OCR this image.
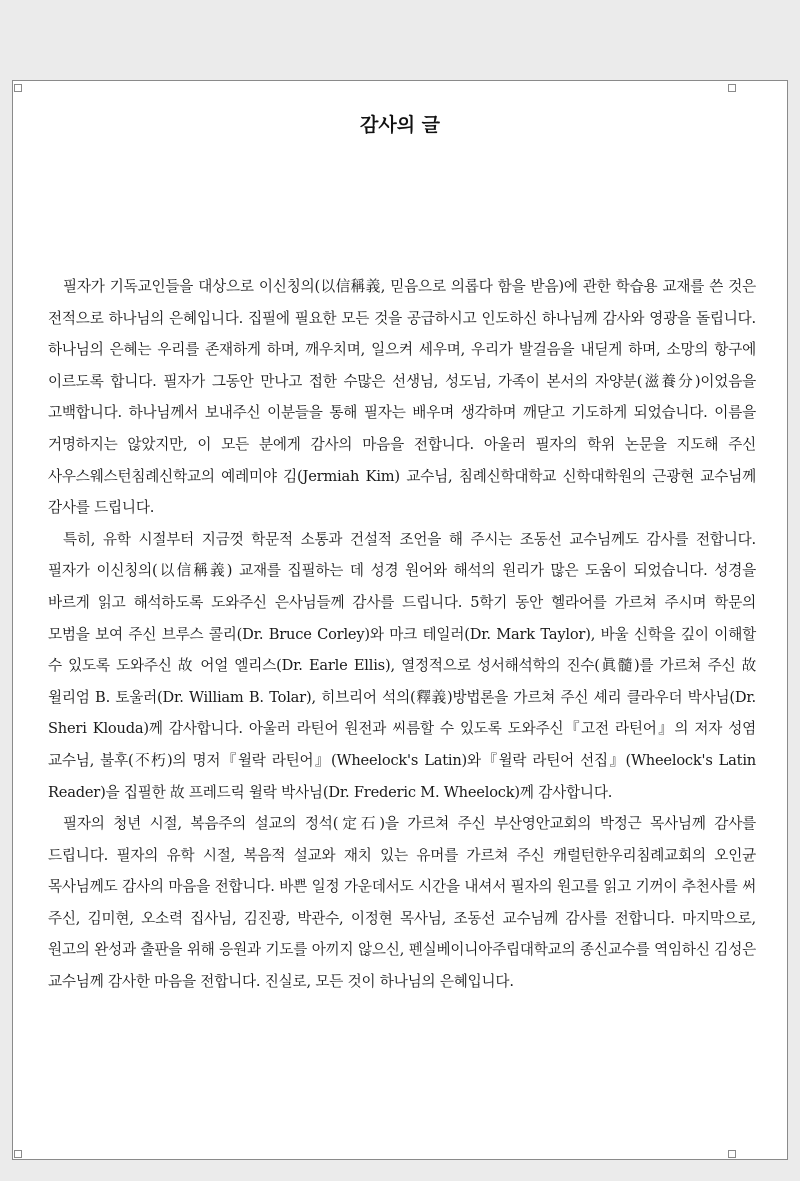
감사의 글

필자가 기독교인들을 대상으로 이신칭의(以信稱義, 믿음으로 의롭다 함을 받음)에 관한 학습용 교재를 쓴 것은 전적으로 하나님의 은혜입니다. 집필에 필요한 모든 것을 공급하시고 인도하신 하나님께 감사와 영광을 돌립니다. 하나님의 은혜는 우리를 존재하게 하며, 깨우치며, 일으켜 세우며, 우리가 발걸음을 내딛게 하며, 소망의 항구에 이르도록 합니다. 필자가 그동안 만나고 접한 수많은 선생님, 성도님, 가족이 본서의 자양분(滋養分)이었음을 고백합니다. 하나님께서 보내주신 이분들을 통해 필자는 배우며 생각하며 깨닫고 기도하게 되었습니다. 이름을 거명하지는 않았지만, 이 모든 분에게 감사의 마음을 전합니다. 아울러 필자의 학위 논문을 지도해 주신 사우스웨스턴침례신학교의 예레미야 김(Jermiah Kim) 교수님, 침례신학대학교 신학대학원의 근광현 교수님께 감사를 드립니다.

특히, 유학 시절부터 지금껏 학문적 소통과 건설적 조언을 해 주시는 조동선 교수님께도 감사를 전합니다. 필자가 이신칭의(以信稱義) 교재를 집필하는 데 성경 원어와 해석의 원리가 많은 도움이 되었습니다. 성경을 바르게 읽고 해석하도록 도와주신 은사님들께 감사를 드립니다. 5학기 동안 헬라어를 가르쳐 주시며 학문의 모범을 보여 주신 브루스 콜리(Dr. Bruce Corley)와 마크 테일러(Dr. Mark Taylor), 바울 신학을 깊이 이해할 수 있도록 도와주신 故 어얼 엘리스(Dr. Earle Ellis), 열정적으로 성서해석학의 진수(眞髓)를 가르쳐 주신 故 윌리엄 B. 토울러(Dr. William B. Tolar), 히브리어 석의(釋義)방법론을 가르쳐 주신 셰리 클라우더 박사님(Dr. Sheri Klouda)께 감사합니다. 아울러 라틴어 원전과 씨름할 수 있도록 도와주신『고전 라틴어』의 저자 성염 교수님, 불후(不朽)의 명저『윌락 라틴어』(Wheelock's Latin)와『윌락 라틴어 선집』(Wheelock's Latin Reader)을 집필한 故 프레드릭 윌락 박사님(Dr. Frederic M. Wheelock)께 감사합니다.

필자의 청년 시절, 복음주의 설교의 정석(定石)을 가르쳐 주신 부산영안교회의 박정근 목사님께 감사를 드립니다. 필자의 유학 시절, 복음적 설교와 재치 있는 유머를 가르쳐 주신 캐럴턴한우리침례교회의 오인균 목사님께도 감사의 마음을 전합니다. 바쁜 일정 가운데서도 시간을 내셔서 필자의 원고를 읽고 기꺼이 추천사를 써 주신, 김미현, 오소력 집사님, 김진광, 박관수, 이정현 목사님, 조동선 교수님께 감사를 전합니다. 마지막으로, 원고의 완성과 출판을 위해 응원과 기도를 아끼지 않으신, 펜실베이니아주립대학교의 종신교수를 역임하신 김성은 교수님께 감사한 마음을 전합니다. 진실로, 모든 것이 하나님의 은혜입니다.
